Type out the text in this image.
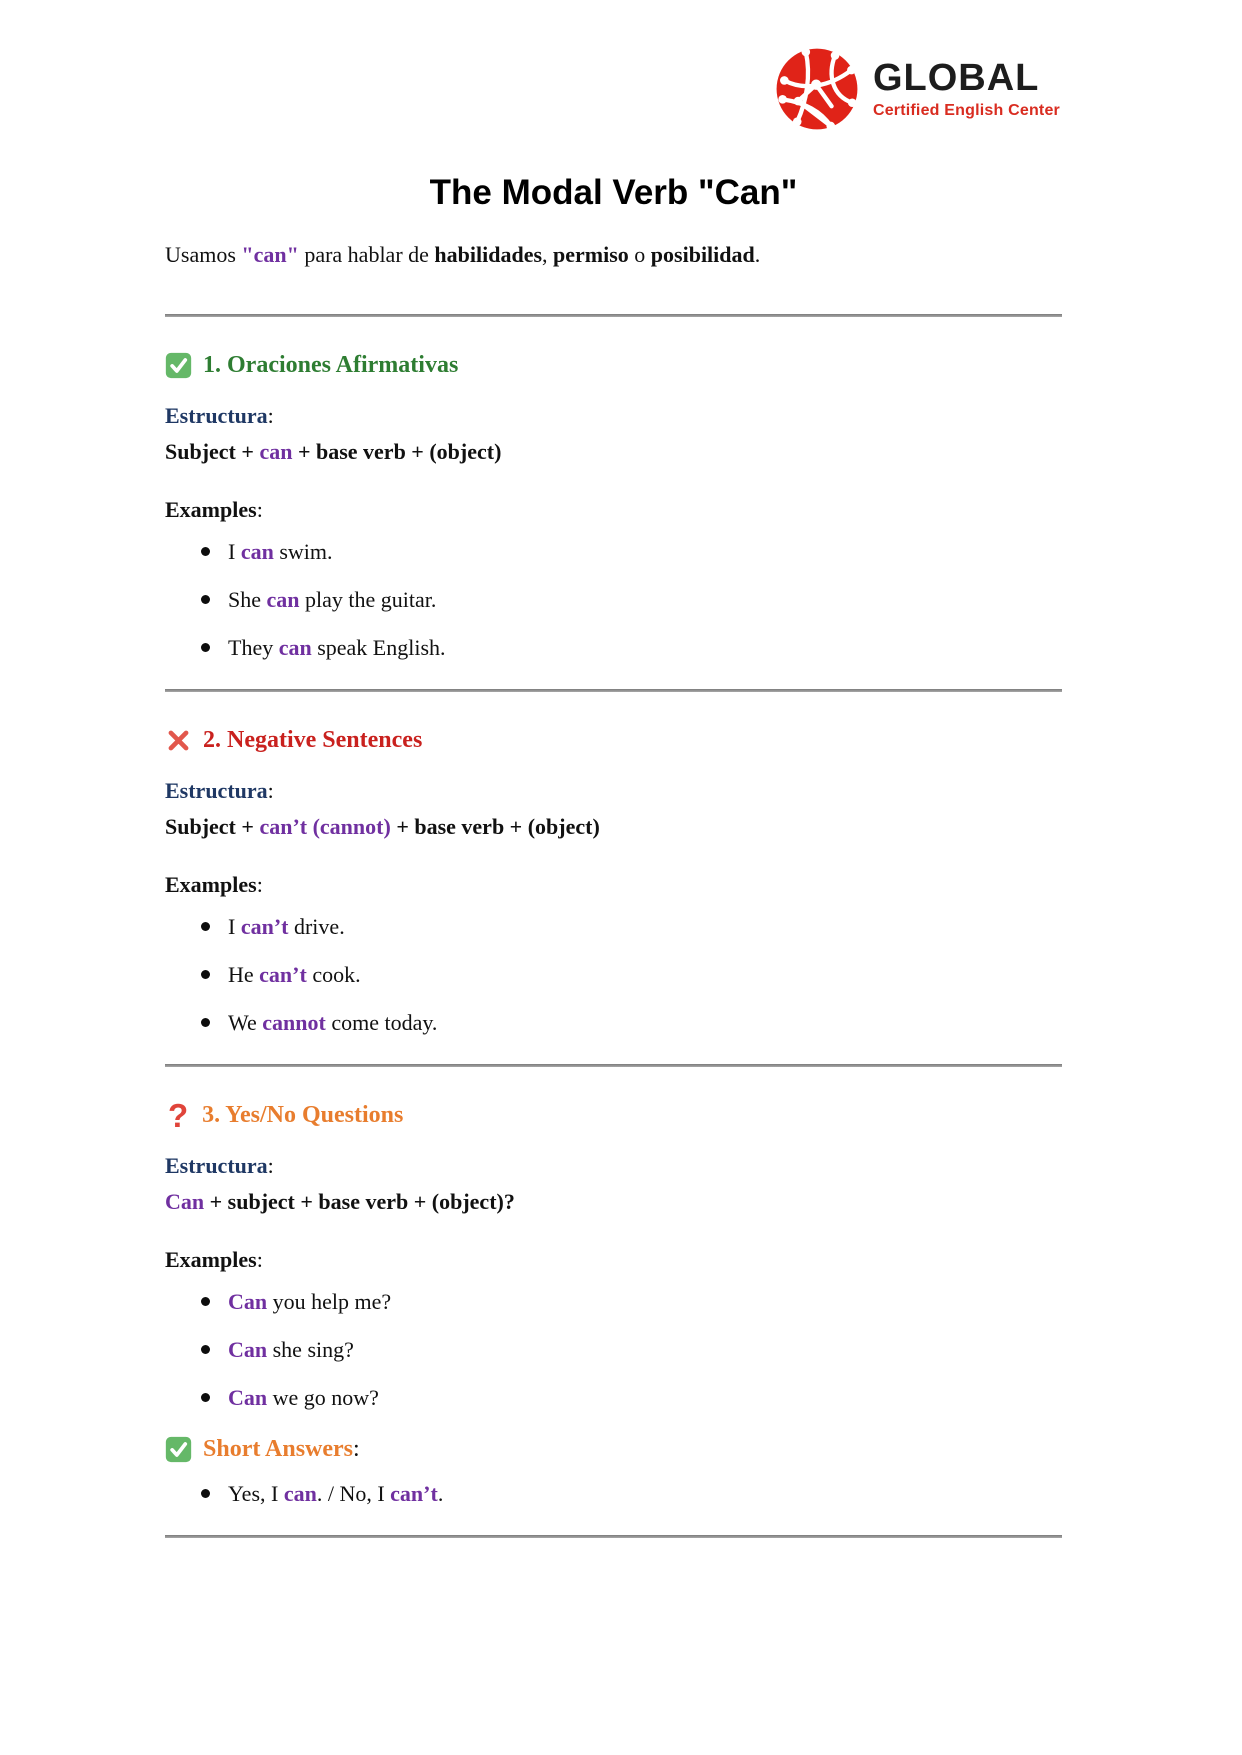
GLOBAL
Certified English Center
The Modal Verb "Can"

Usamos "can" para hablar de habilidades, permiso o posibilidad.

1. Oraciones Afirmativas

Estructura:

Subject + can + base verb + (object)

Examples:

I can swim.
She can play the guitar.
They can speak English.
2. Negative Sentences

Estructura:

Subject + can’t (cannot) + base verb + (object)

Examples:

I can’t drive.
He can’t cook.
We cannot come today.
? 3. Yes/No Questions

Estructura:

Can + subject + base verb + (object)?

Examples:

Can you help me?
Can she sing?
Can we go now?
Short Answers:
Yes, I can. / No, I can’t.
